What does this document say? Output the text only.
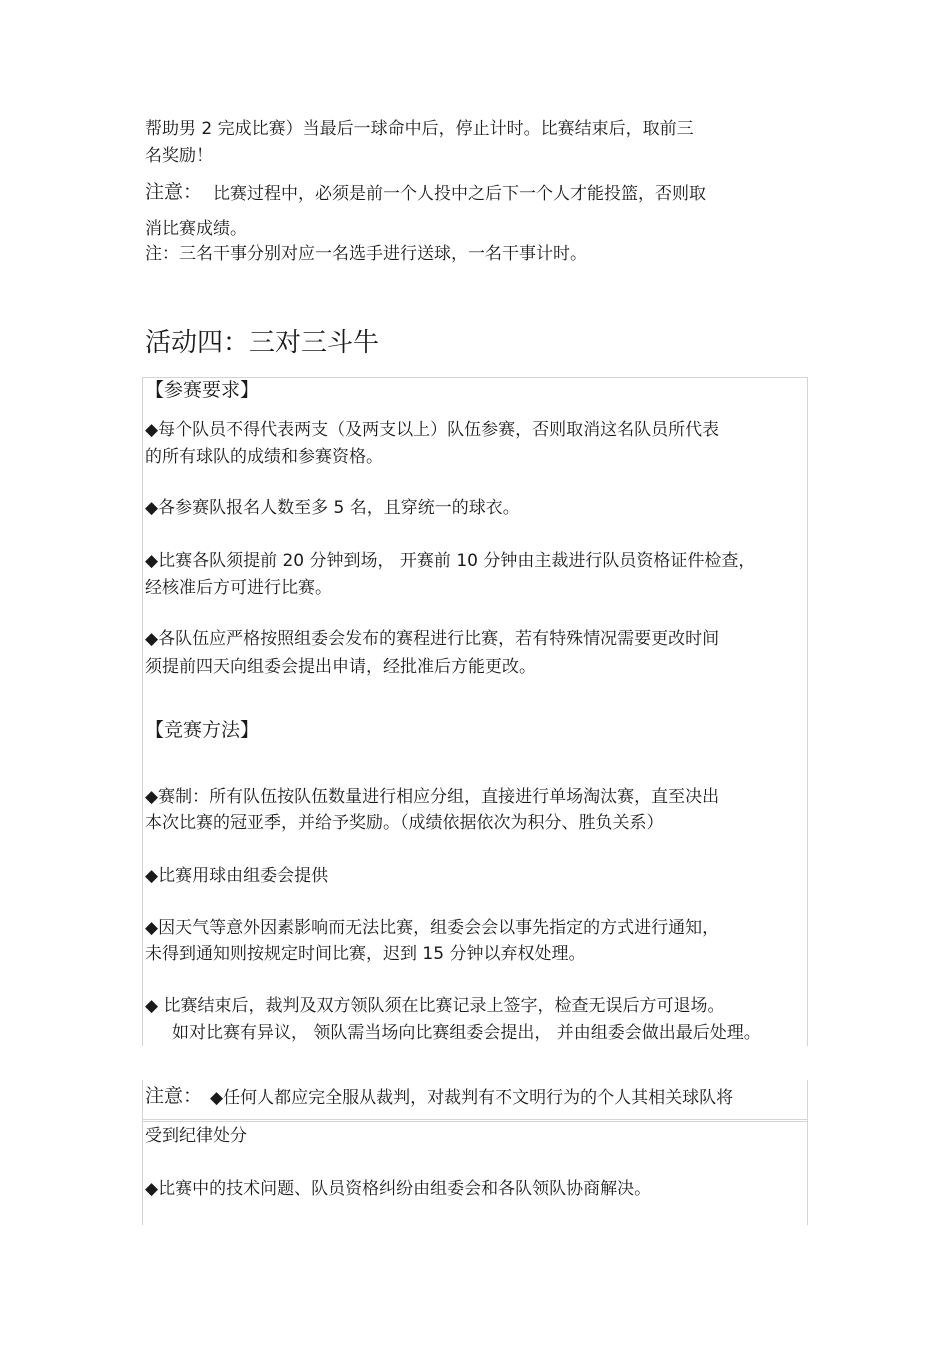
帮助男 2 完成比赛）当最后一球命中后，停止计时。比赛结束后，取前三
名奖励！
注意： 比赛过程中，必须是前一个人投中之后下一个人才能投篮，否则取
消比赛成绩。
注：三名干事分别对应一名选手进行送球，一名干事计时。
活动四：三对三斗牛
【参赛要求】
◆每个队员不得代表两支（及两支以上）队伍参赛，否则取消这名队员所代表
的所有球队的成绩和参赛资格。
◆各参赛队报名人数至多 5 名，且穿统一的球衣。
◆比赛各队须提前 20 分钟到场， 开赛前 10 分钟由主裁进行队员资格证件检查，
经核准后方可进行比赛。
◆各队伍应严格按照组委会发布的赛程进行比赛，若有特殊情况需要更改时间
须提前四天向组委会提出申请，经批准后方能更改。
【竞赛方法】
◆赛制：所有队伍按队伍数量进行相应分组，直接进行单场淘汰赛，直至决出
本次比赛的冠亚季，并给予奖励。（成绩依据依次为积分、胜负关系）
◆比赛用球由组委会提供
◆因天气等意外因素影响而无法比赛，组委会会以事先指定的方式进行通知，
未得到通知则按规定时间比赛，迟到 15 分钟以弃权处理。
◆ 比赛结束后，裁判及双方领队须在比赛记录上签字，检查无误后方可退场。
如对比赛有异议， 领队需当场向比赛组委会提出， 并由组委会做出最后处理。
注意： ◆任何人都应完全服从裁判，对裁判有不文明行为的个人其相关球队将
受到纪律处分
◆比赛中的技术问题、队员资格纠纷由组委会和各队领队协商解决。
